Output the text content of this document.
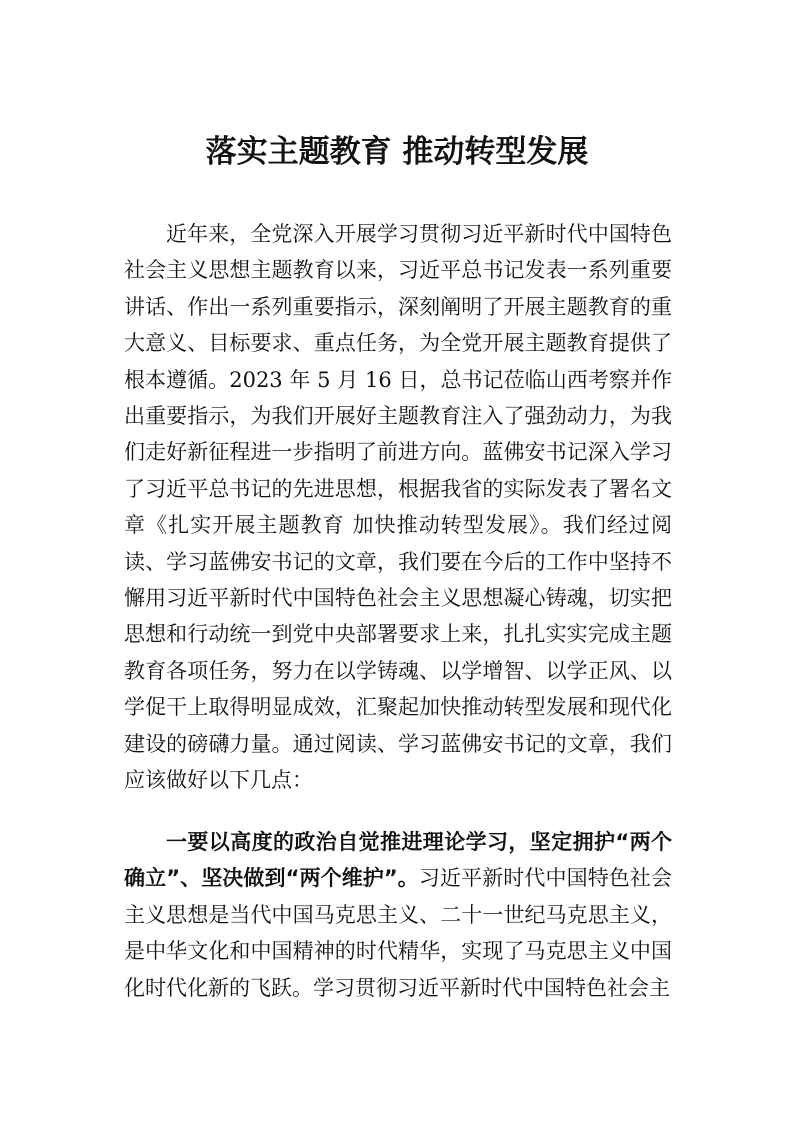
落实主题教育 推动转型发展
近年来，全党深入开展学习贯彻习近平新时代中国特色社会主义思想主题教育以来，习近平总书记发表一系列重要讲话、作出一系列重要指示，深刻阐明了开展主题教育的重大意义、目标要求、重点任务，为全党开展主题教育提供了根本遵循。2023 年 5 月 16 日，总书记莅临山西考察并作出重要指示，为我们开展好主题教育注入了强劲动力，为我们走好新征程进一步指明了前进方向。蓝佛安书记深入学习了习近平总书记的先进思想，根据我省的实际发表了署名文章《扎实开展主题教育 加快推动转型发展》。我们经过阅读、学习蓝佛安书记的文章，我们要在今后的工作中坚持不懈用习近平新时代中国特色社会主义思想凝心铸魂，切实把思想和行动统一到党中央部署要求上来，扎扎实实完成主题教育各项任务，努力在以学铸魂、以学增智、以学正风、以学促干上取得明显成效，汇聚起加快推动转型发展和现代化建设的磅礴力量。通过阅读、学习蓝佛安书记的文章，我们应该做好以下几点：
一要以高度的政治自觉推进理论学习，坚定拥护“两个确立”、坚决做到“两个维护”。习近平新时代中国特色社会主义思想是当代中国马克思主义、二十一世纪马克思主义， 是中华文化和中国精神的时代精华，实现了马克思主义中国化时代化新的飞跃。学习贯彻习近平新时代中国特色社会主
